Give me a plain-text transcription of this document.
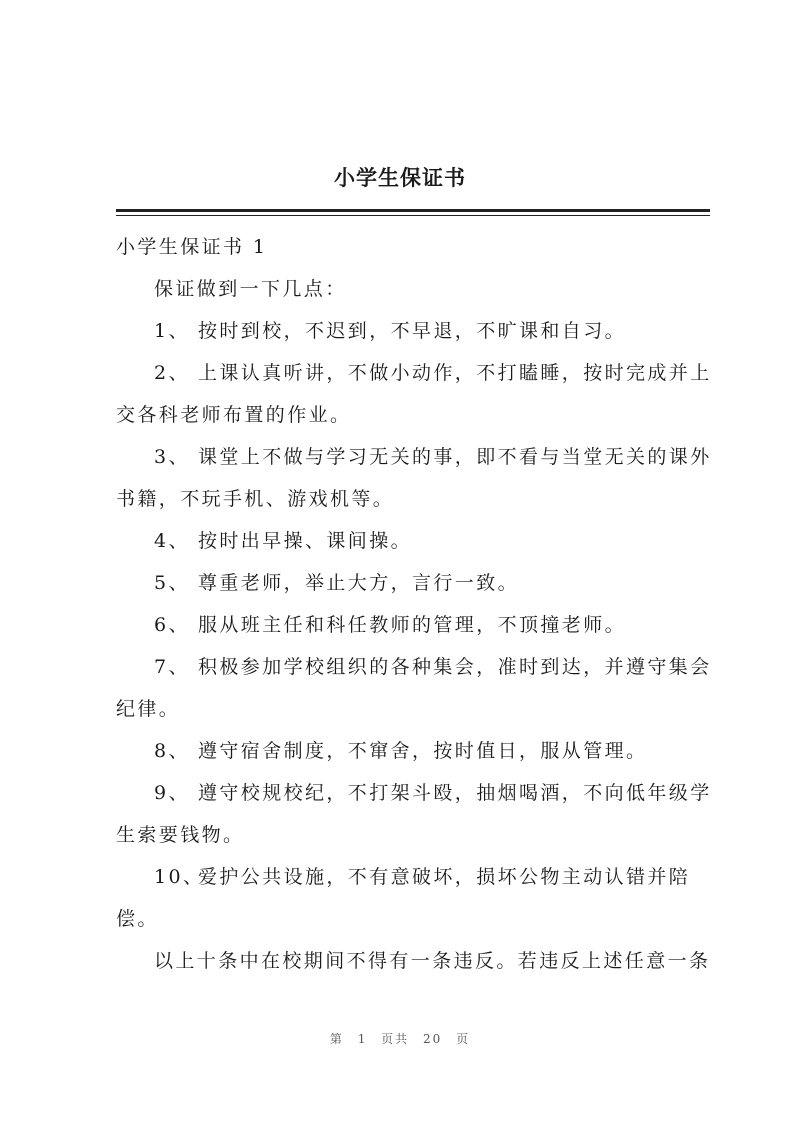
小学生保证书

小学生保证书 1

保证做到一下几点：

1、 按时到校，不迟到，不早退，不旷课和自习。

2、 上课认真听讲，不做小动作，不打瞌睡，按时完成并上交各科老师布置的作业。

3、 课堂上不做与学习无关的事，即不看与当堂无关的课外书籍，不玩手机、游戏机等。

4、 按时出早操、课间操。

5、 尊重老师，举止大方，言行一致。

6、 服从班主任和科任教师的管理，不顶撞老师。

7、 积极参加学校组织的各种集会，准时到达，并遵守集会纪律。

8、 遵守宿舍制度，不窜舍，按时值日，服从管理。

9、 遵守校规校纪，不打架斗殴，抽烟喝酒，不向低年级学生索要钱物。

10、爱护公共设施，不有意破坏，损坏公物主动认错并陪偿。

以上十条中在校期间不得有一条违反。若违反上述任意一条

第 1 页共 20 页
